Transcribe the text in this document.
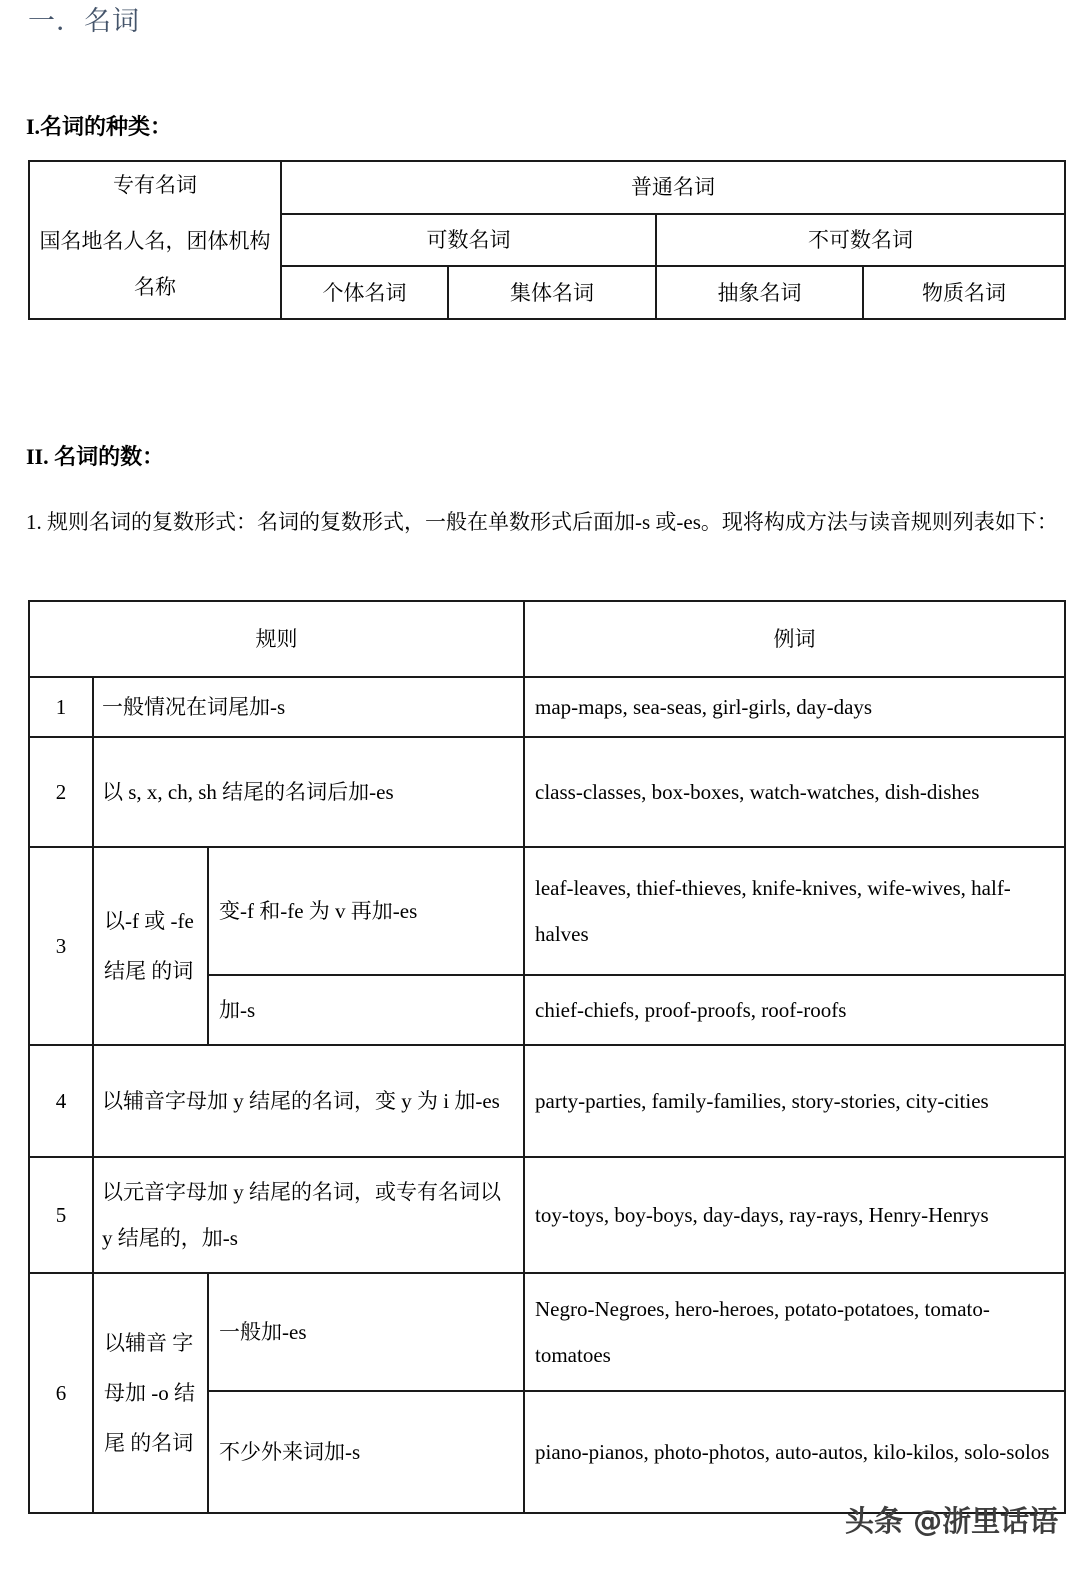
一．名词
I.名词的种类：
专有名词
国名地名人名，团体机构名称	普通名词			
	可数名词		不可数名词	
	个体名词	集体名词	抽象名词	物质名词
II. 名词的数：
1. 规则名词的复数形式：名词的复数形式，一般在单数形式后面加-s 或-es。现将构成方法与读音规则列表如下：
规则			例词
1	一般情况在词尾加-s		map-maps, sea-seas, girl-girls, day-days
2	以 s, x, ch, sh 结尾的名词后加-es		class-classes, box-boxes, watch-watches, dish-dishes
3	以-f 或 -fe 结尾 的词	变-f 和-fe 为 v 再加-es	leaf-leaves, thief-thieves, knife-knives, wife-wives, half-halves
		加-s	chief-chiefs, proof-proofs, roof-roofs
4	以辅音字母加 y 结尾的名词，变 y 为 i 加-es		party-parties, family-families, story-stories, city-cities
5	以元音字母加 y 结尾的名词，或专有名词以 y 结尾的，加-s		toy-toys, boy-boys, day-days, ray-rays, Henry-Henrys
6	以辅音 字母加 -o 结尾 的名词	一般加-es	Negro-Negroes, hero-heroes, potato-potatoes, tomato-tomatoes
		不少外来词加-s	piano-pianos, photo-photos, auto-autos, kilo-kilos, solo-solos
头条 @浙里话语
